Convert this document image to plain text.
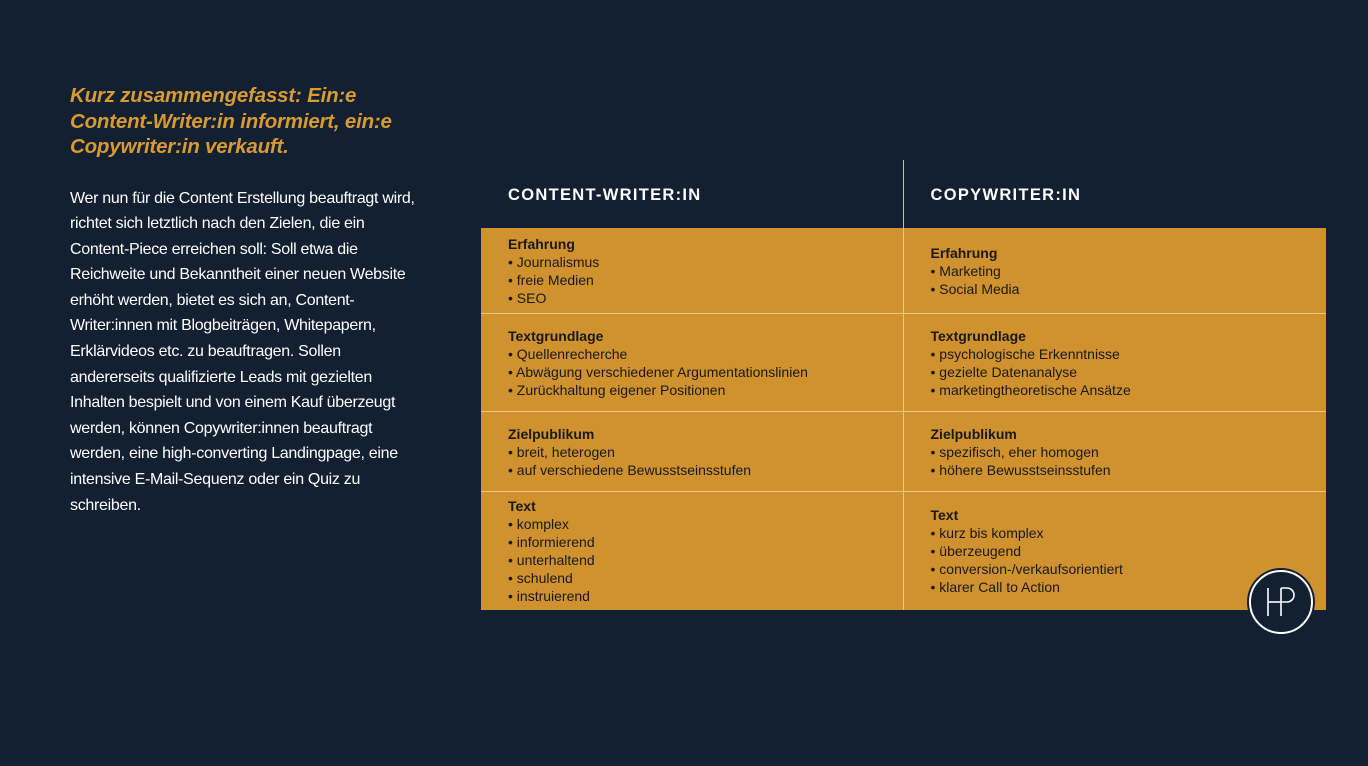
Kurz zusammengefasst: Ein:e Content-Writer:in informiert, ein:e Copywriter:in verkauft.

Wer nun für die Content Erstellung beauftragt wird, richtet sich letztlich nach den Zielen, die ein Content-Piece erreichen soll: Soll etwa die Reichweite und Bekanntheit einer neuen Website erhöht werden, bietet es sich an, Content-Writer:innen mit Blogbeiträgen, Whitepapern, Erklärvideos etc. zu beauftragen. Sollen andererseits qualifizierte Leads mit gezielten Inhalten bespielt und von einem Kauf überzeugt werden, können Copywriter:innen beauftragt werden, eine high-converting Landingpage, eine intensive E-Mail-Sequenz oder ein Quiz zu schreiben.

CONTENT-WRITER:IN	COPYWRITER:IN
Erfahrung
• Journalismus
• freie Medien
• SEO
Erfahrung
• Marketing
• Social Media
Textgrundlage
• Quellenrecherche
• Abwägung verschiedener Argumentationslinien
• Zurückhaltung eigener Positionen
Textgrundlage
• psychologische Erkenntnisse
• gezielte Datenanalyse
• marketingtheoretische Ansätze
Zielpublikum
• breit, heterogen
• auf verschiedene Bewusstseinsstufen
Zielpublikum
• spezifisch, eher homogen
• höhere Bewusstseinsstufen
Text
• komplex
• informierend
• unterhaltend
• schulend
• instruierend
Text
• kurz bis komplex
• überzeugend
• conversion-/verkaufsorientiert
• klarer Call to Action
